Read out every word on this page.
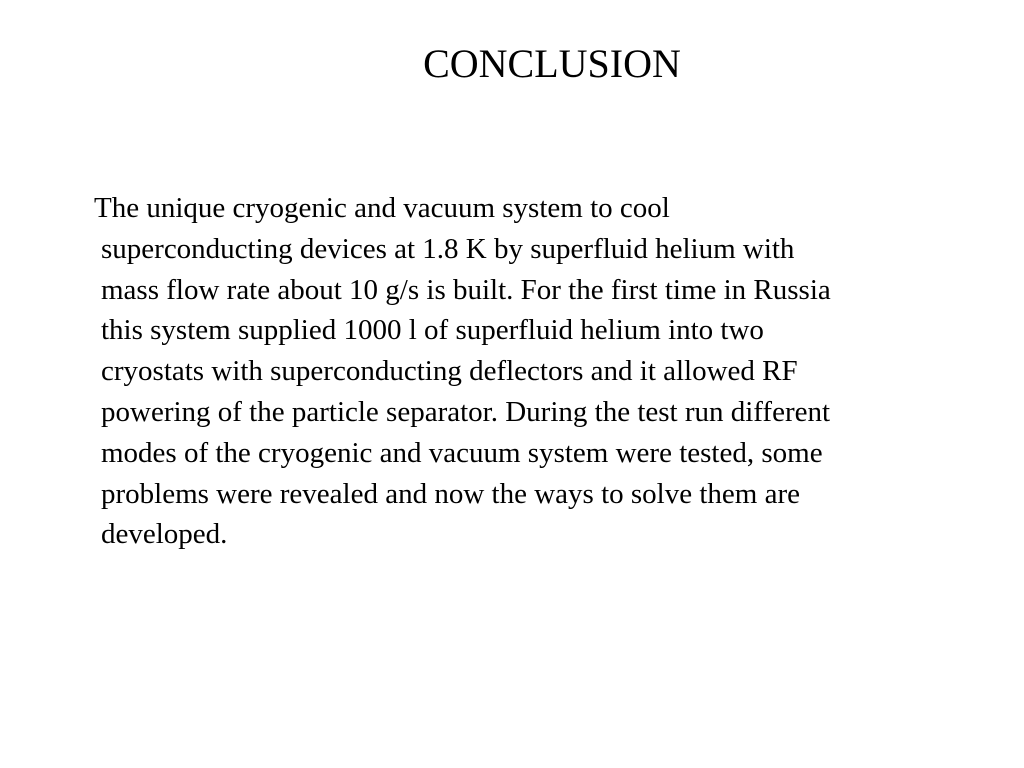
CONCLUSION
The unique cryogenic and vacuum system to cool
superconducting devices at 1.8 K by superfluid helium with
mass flow rate about 10 g/s is built. For the first time in Russia
this system supplied 1000 l of superfluid helium into two
cryostats with superconducting deflectors and it allowed RF
powering of the particle separator. During the test run different
modes of the cryogenic and vacuum system were tested, some
problems were revealed and now the ways to solve them are
developed.
